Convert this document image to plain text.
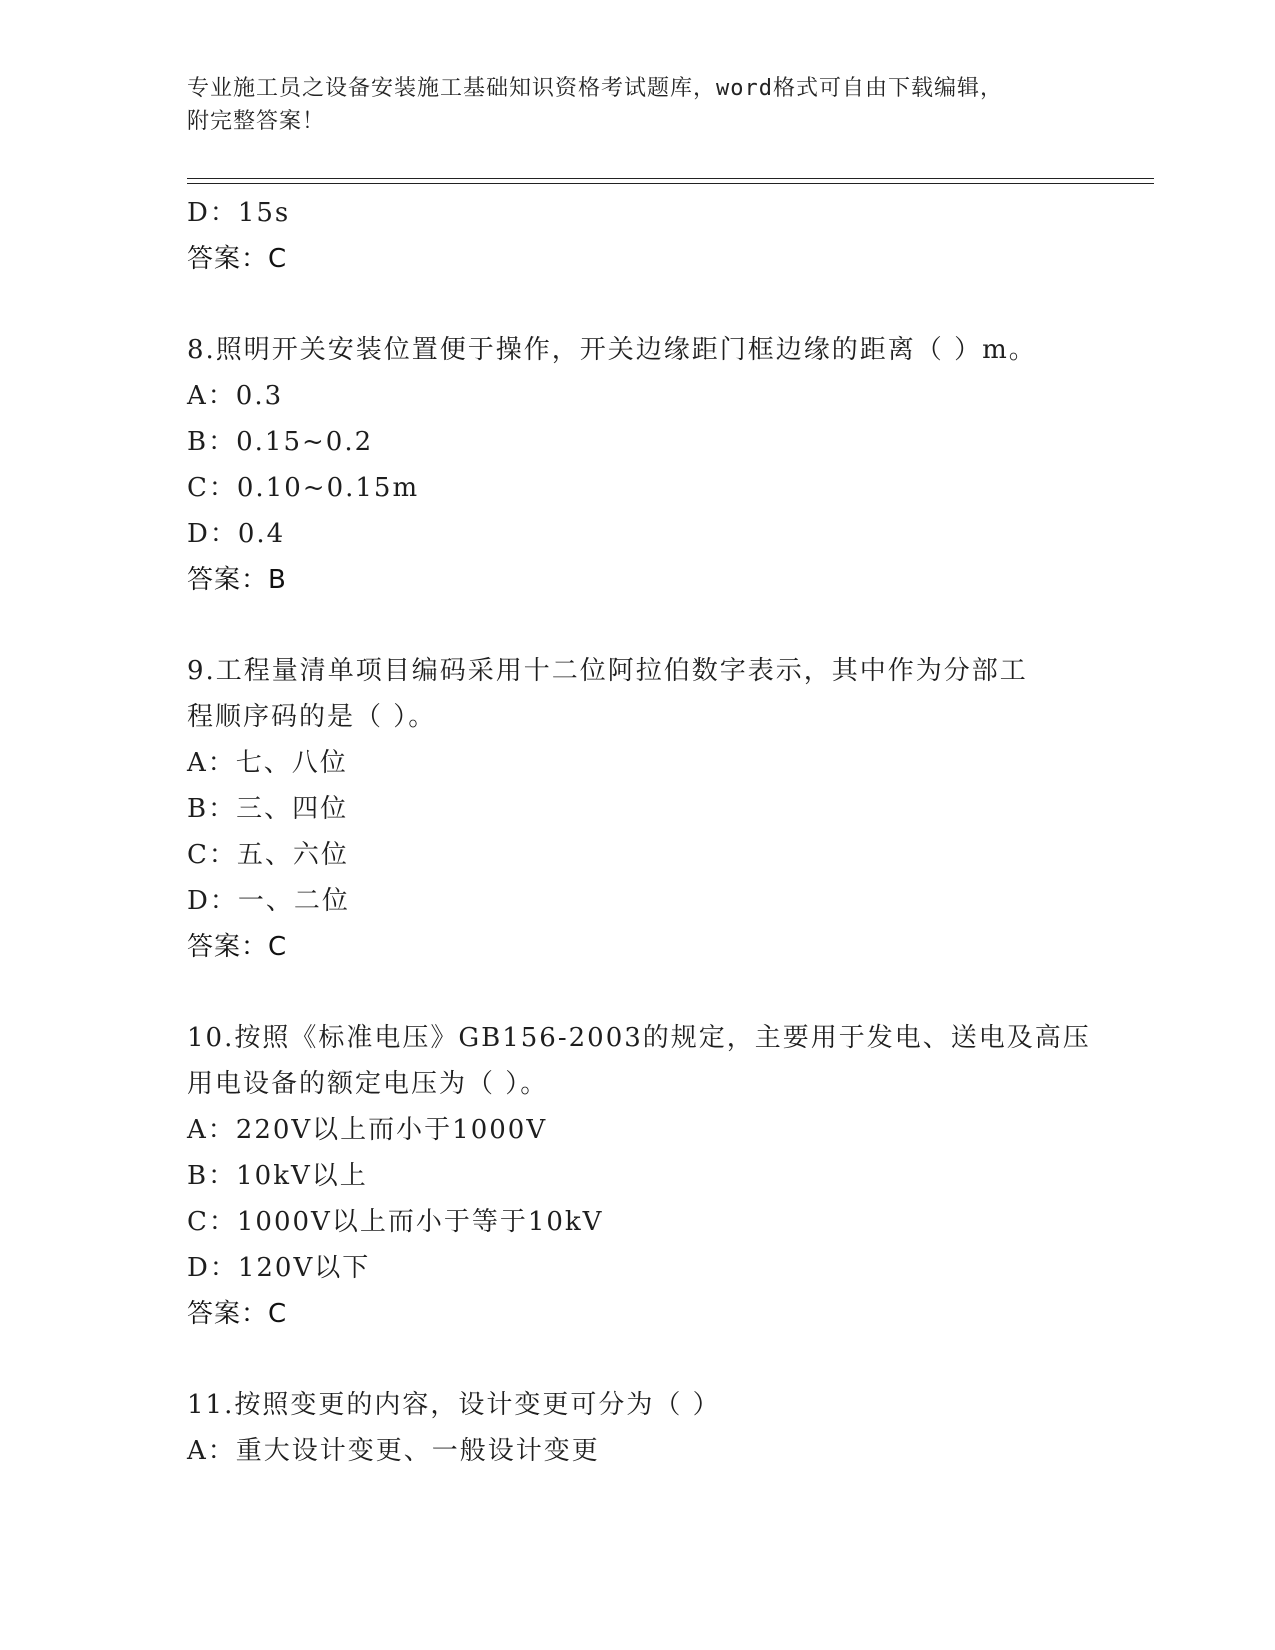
专业施工员之设备安装施工基础知识资格考试题库，word格式可自由下载编辑，
附完整答案！
D：15s
答案：C
8.照明开关安装位置便于操作，开关边缘距门框边缘的距离（ ）m。
A：0.3
B：0.15~0.2
C：0.10~0.15m
D：0.4
答案：B
9.工程量清单项目编码采用十二位阿拉伯数字表示，其中作为分部工
程顺序码的是（ ）。
A：七、八位
B：三、四位
C：五、六位
D：一、二位
答案：C
10.按照《标准电压》GB156-2003的规定，主要用于发电、送电及高压
用电设备的额定电压为（ ）。
A：220V以上而小于1000V
B：10kV以上
C：1000V以上而小于等于10kV
D：120V以下
答案：C
11.按照变更的内容，设计变更可分为（ ）
A：重大设计变更、一般设计变更
